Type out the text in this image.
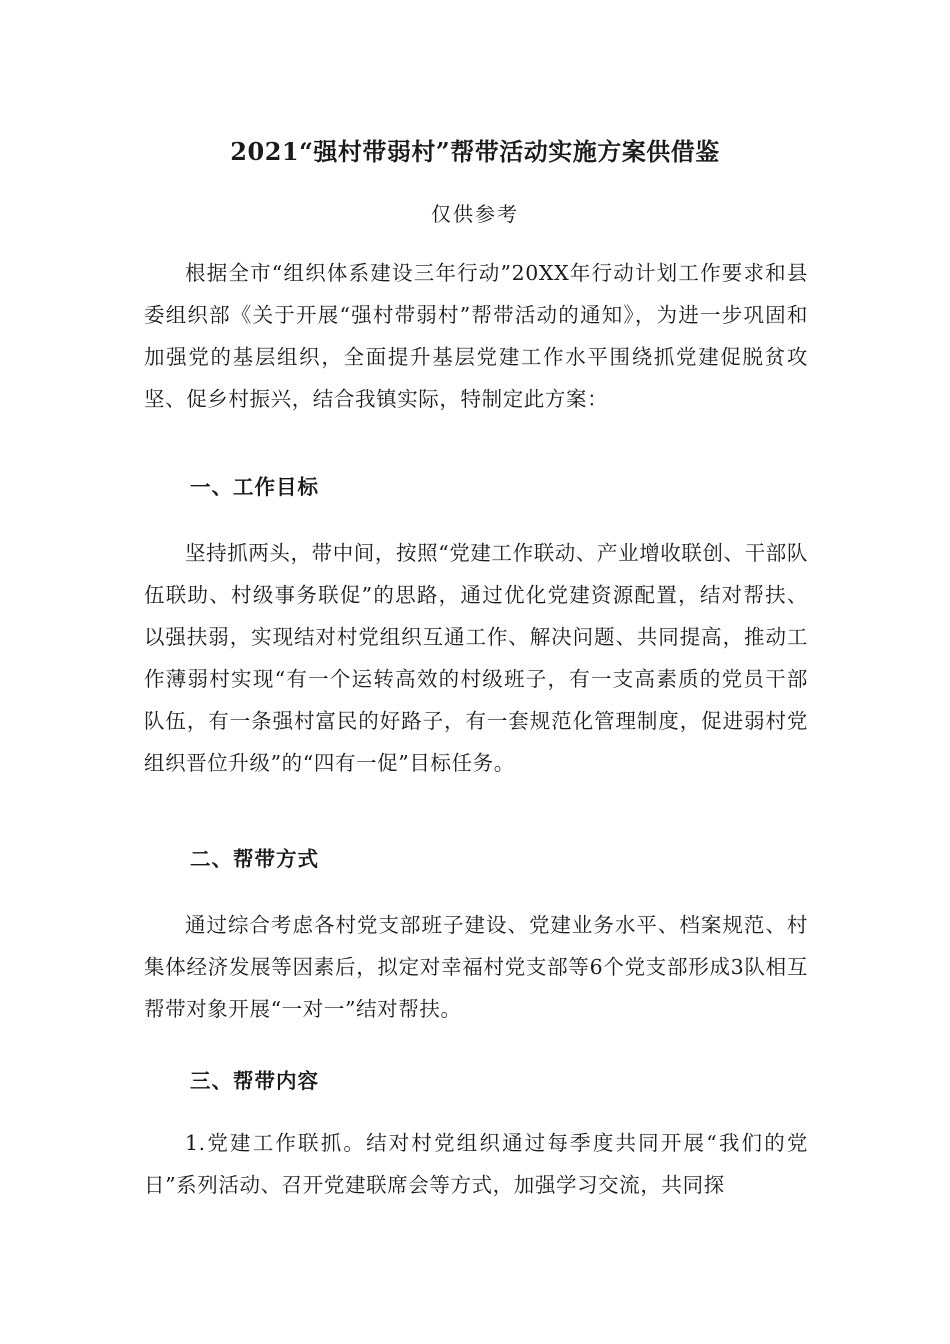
2021“强村带弱村”帮带活动实施方案供借鉴
仅供参考

根据全市“组织体系建设三年行动”20XX年行动计划工作要求和县委组织部《关于开展“强村带弱村”帮带活动的通知》，为进一步巩固和加强党的基层组织，全面提升基层党建工作水平围绕抓党建促脱贫攻坚、促乡村振兴，结合我镇实际，特制定此方案：

一、工作目标

坚持抓两头，带中间，按照“党建工作联动、产业增收联创、干部队伍联助、村级事务联促”的思路，通过优化党建资源配置，结对帮扶、以强扶弱，实现结对村党组织互通工作、解决问题、共同提高，推动工作薄弱村实现“有一个运转高效的村级班子，有一支高素质的党员干部队伍，有一条强村富民的好路子，有一套规范化管理制度，促进弱村党组织晋位升级”的“四有一促”目标任务。

二、帮带方式

通过综合考虑各村党支部班子建设、党建业务水平、档案规范、村集体经济发展等因素后，拟定对幸福村党支部等6个党支部形成3队相互帮带对象开展“一对一”结对帮扶。

三、帮带内容

1.党建工作联抓。结对村党组织通过每季度共同开展“我们的党日”系列活动、召开党建联席会等方式，加强学习交流，共同探
